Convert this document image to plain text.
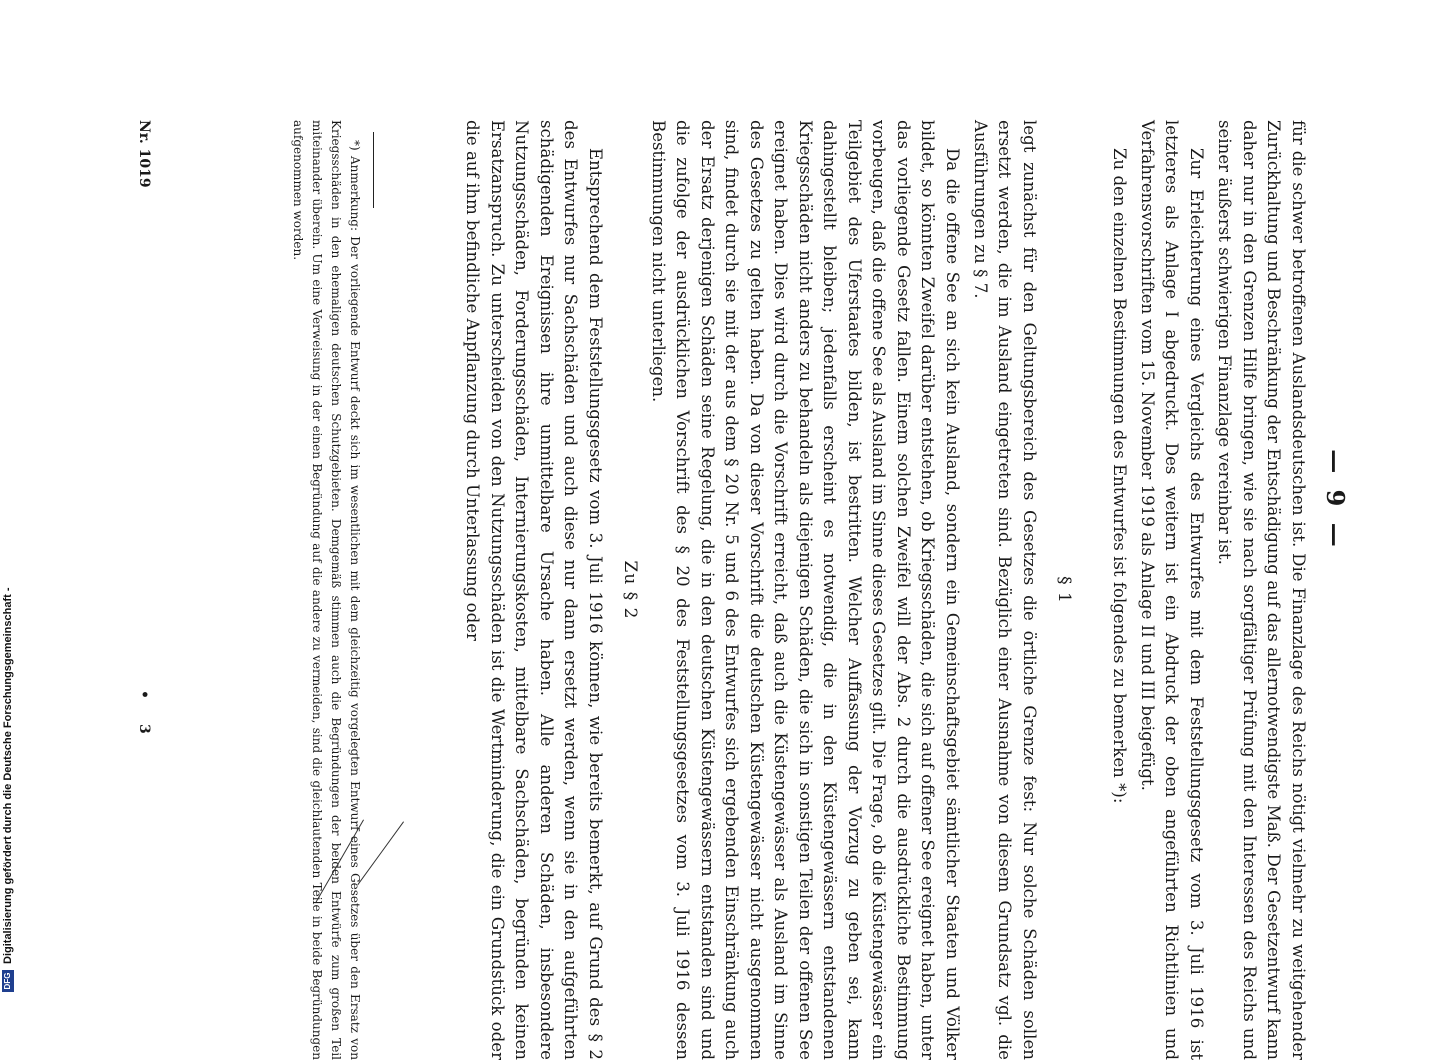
— 9 —

für die schwer betroffenen Auslandsdeutschen ist. Die Finanzlage des Reichs nötigt vielmehr zu weitgehender Zurückhaltung und Beschränkung der Entschädigung auf das allernotwendigste Maß. Der Gesetzentwurf kann daher nur in den Grenzen Hilfe bringen, wie sie nach sorgfältiger Prüfung mit den Interessen des Reichs und seiner äußerst schwierigen Finanzlage vereinbar ist.

Zur Erleichterung eines Vergleichs des Entwurfes mit dem Feststellungsgesetz vom 3. Juli 1916 ist letzteres als Anlage I abgedruckt. Des weitern ist ein Abdruck der oben angeführten Richtlinien und Verfahrensvorschriften vom 15. November 1919 als Anlage II und III beigefügt.

Zu den einzelnen Bestimmungen des Entwurfes ist folgendes zu bemerken *):

§ 1

legt zunächst für den Geltungsbereich des Gesetzes die örtliche Grenze fest: Nur solche Schäden sollen ersetzt werden, die im Ausland eingetreten sind. Bezüglich einer Ausnahme von diesem Grundsatz vgl. die Ausführungen zu § 7.

Da die offene See an sich kein Ausland, sondern ein Gemeinschaftsgebiet sämtlicher Staaten und Völker bildet, so könnten Zweifel darüber entstehen, ob Kriegsschäden, die sich auf offener See ereignet haben, unter das vorliegende Gesetz fallen. Einem solchen Zweifel will der Abs. 2 durch die ausdrückliche Bestimmung vorbeugen, daß die offene See als Ausland im Sinne dieses Gesetzes gilt. Die Frage, ob die Küstengewässer ein Teilgebiet des Uferstaates bilden, ist bestritten. Welcher Auffassung der Vorzug zu geben sei, kann dahingestellt bleiben; jedenfalls erscheint es notwendig, die in den Küstengewässern entstandenen Kriegsschäden nicht anders zu behandeln als diejenigen Schäden, die sich in sonstigen Teilen der offenen See ereignet haben. Dies wird durch die Vorschrift erreicht, daß auch die Küstengewässer als Ausland im Sinne des Gesetzes zu gelten haben. Da von dieser Vorschrift die deutschen Küstengewässer nicht ausgenommen sind, findet durch sie mit der aus dem § 20 Nr. 5 und 6 des Entwurfes sich ergebenden Einschränkung auch der Ersatz derjenigen Schäden seine Regelung, die in den deutschen Küstengewässern entstanden sind und die zufolge der ausdrücklichen Vorschrift des § 20 des Feststellungsgesetzes vom 3. Juli 1916 dessen Bestimmungen nicht unterliegen.

Zu § 2

Entsprechend dem Feststellungsgesetz vom 3. Juli 1916 können, wie bereits bemerkt, auf Grund des § 2 des Entwurfes nur Sachschäden und auch diese nur dann ersetzt werden, wenn sie in den aufgeführten schädigenden Ereignissen ihre unmittelbare Ursache haben. Alle anderen Schäden, insbesondere Nutzungsschäden, Forderungsschäden, Internierungskosten, mittelbare Sachschäden, begründen keinen Ersatzanspruch. Zu unterscheiden von den Nutzungsschäden ist die Wertminderung, die ein Grundstück oder die auf ihm befindliche Anpflanzung durch Unterlassung oder

*) Anmerkung: Der vorliegende Entwurf deckt sich im wesentlichen mit dem gleichzeitig vorgelegten Entwurf eines Gesetzes über den Ersatz von Kriegsschäden in den ehemaligen deutschen Schutzgebieten. Demgemäß stimmen auch die Begründungen der beiden Entwürfe zum großen Teil miteinander überein. Um eine Verweisung in der einen Begründung auf die andere zu vermeiden, sind die gleichlautenden Teile in beide Begründungen aufgenommen worden.

Nr. 1019
•
3
DFG
Digitalisierung gefördert durch die Deutsche Forschungsgemeinschaft -
